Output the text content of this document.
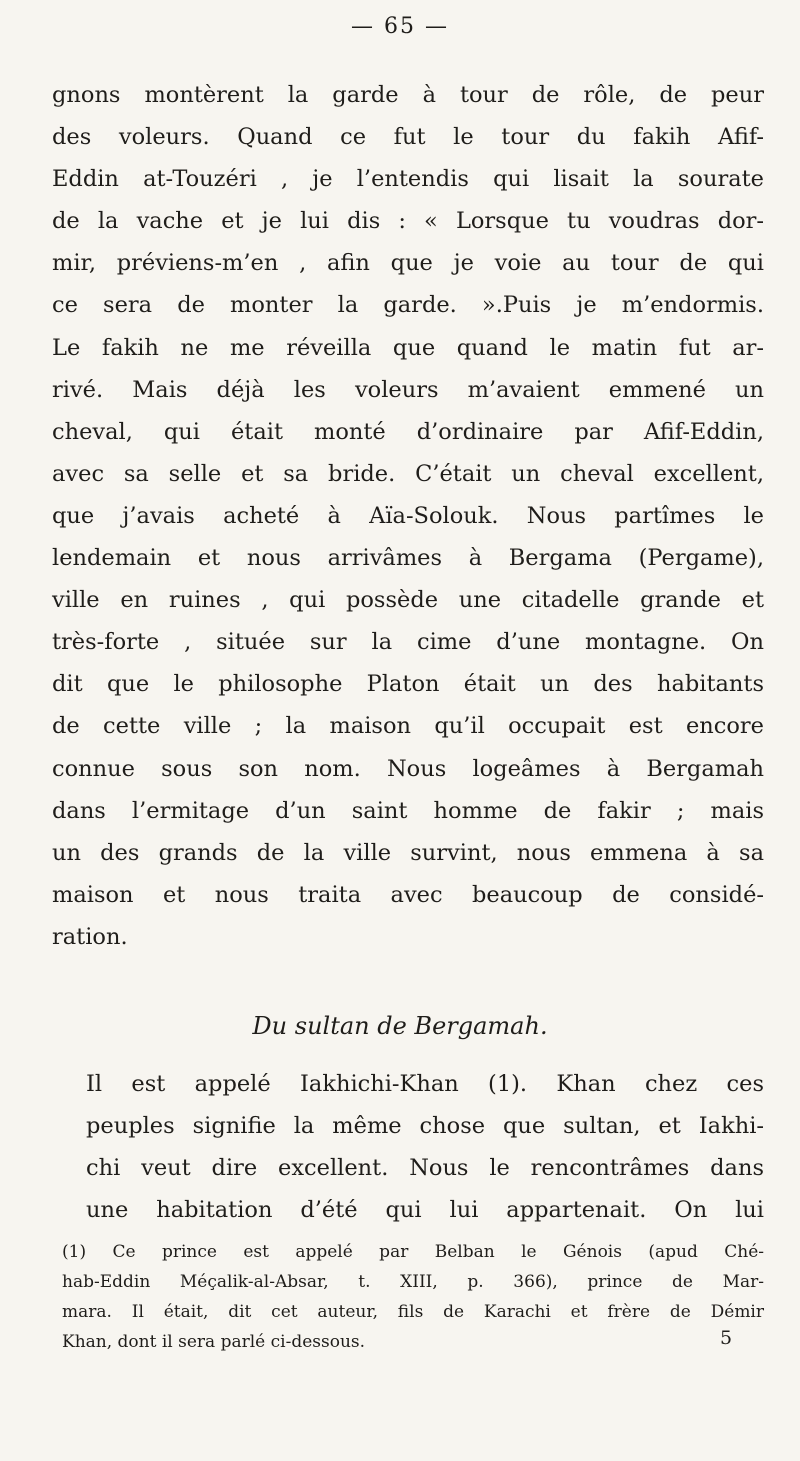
— 65 —
gnons montèrent la garde à tour de rôle, de peur
des voleurs. Quand ce fut le tour du fakih Afif-
Eddin at-Touzéri , je l’entendis qui lisait la sourate
de la vache et je lui dis : « Lorsque tu voudras dor-
mir, préviens-m’en , afin que je voie au tour de qui
ce sera de monter la garde. ».Puis je m’endormis.
Le fakih ne me réveilla que quand le matin fut ar-
rivé. Mais déjà les voleurs m’avaient emmené un
cheval, qui était monté d’ordinaire par Afif-Eddin,
avec sa selle et sa bride. C’était un cheval excellent,
que j’avais acheté à Aïa-Solouk. Nous partîmes le
lendemain et nous arrivâmes à Bergama (Pergame),
ville en ruines , qui possède une citadelle grande et
très-forte , située sur la cime d’une montagne. On
dit que le philosophe Platon était un des habitants
de cette ville ; la maison qu’il occupait est encore
connue sous son nom. Nous logeâmes à Bergamah
dans l’ermitage d’un saint homme de fakir ; mais
un des grands de la ville survint, nous emmena à sa
maison et nous traita avec beaucoup de considé-
ration.
Du sultan de Bergamah.
Il est appelé Iakhichi-Khan (1). Khan chez ces
peuples signifie la même chose que sultan, et Iakhi-
chi veut dire excellent. Nous le rencontrâmes dans
une habitation d’été qui lui appartenait. On lui
(1) Ce prince est appelé par Belban le Génois (apud Ché-
hab-Eddin Méçalik-al-Absar, t. XIII, p. 366), prince de Mar-
mara. Il était, dit cet auteur, fils de Karachi et frère de Démir
Khan, dont il sera parlé ci-dessous.	5
